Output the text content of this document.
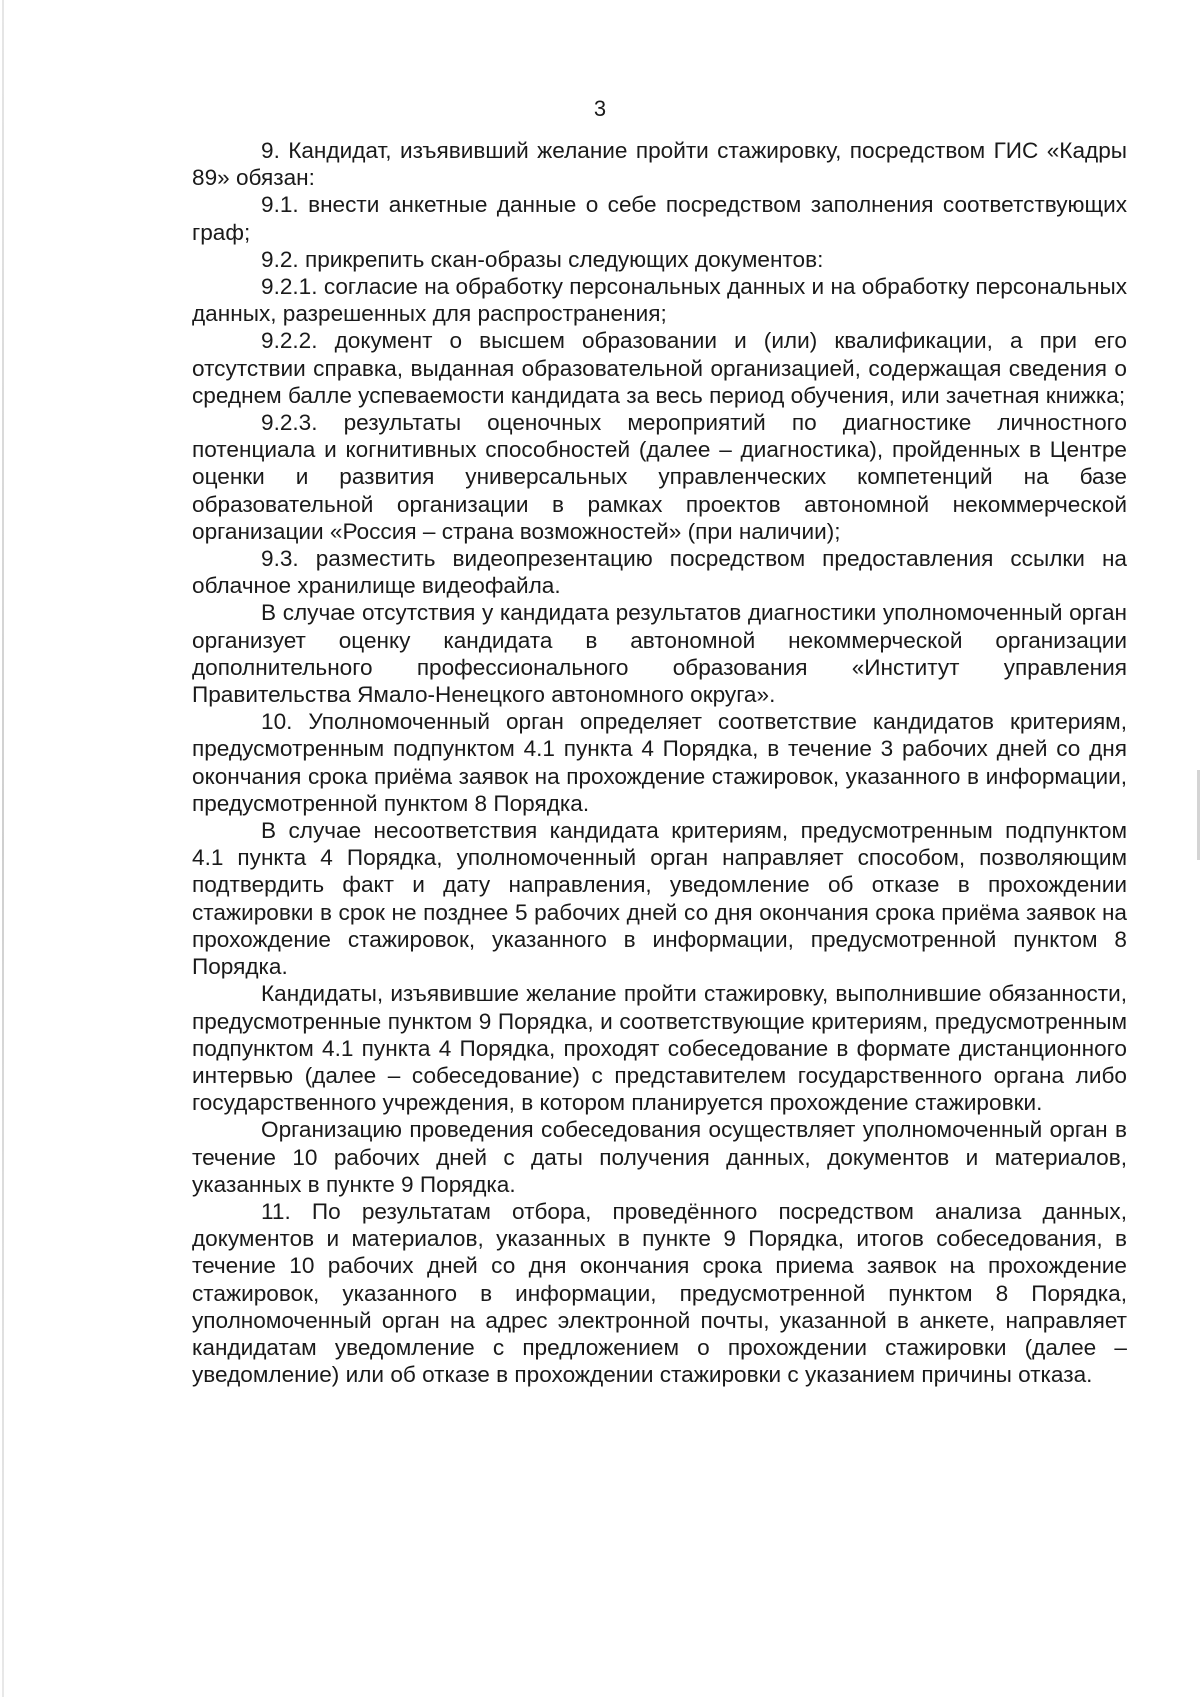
3

9. Кандидат, изъявивший желание пройти стажировку, посредством ГИС «Кадры 89» обязан:

9.1. внести анкетные данные о себе посредством заполнения соответствующих граф;

9.2. прикрепить скан-образы следующих документов:

9.2.1. согласие на обработку персональных данных и на обработку персональных данных, разрешенных для распространения;

9.2.2. документ о высшем образовании и (или) квалификации, а при его отсутствии справка, выданная образовательной организацией, содержащая сведения о среднем балле успеваемости кандидата за весь период обучения, или зачетная книжка;

9.2.3. результаты оценочных мероприятий по диагностике личностного потенциала и когнитивных способностей (далее – диагностика), пройденных в Центре оценки и развития универсальных управленческих компетенций на базе образовательной организации в рамках проектов автономной некоммерческой организации «Россия – страна возможностей» (при наличии);

9.3. разместить видеопрезентацию посредством предоставления ссылки на облачное хранилище видеофайла.

В случае отсутствия у кандидата результатов диагностики уполномоченный орган организует оценку кандидата в автономной некоммерческой организации дополнительного профессионального образования «Институт управления Правительства Ямало-Ненецкого автономного округа».

10. Уполномоченный орган определяет соответствие кандидатов критериям, предусмотренным подпунктом 4.1 пункта 4 Порядка, в течение 3 рабочих дней со дня окончания срока приёма заявок на прохождение стажировок, указанного в информации, предусмотренной пунктом 8 Порядка.

В случае несоответствия кандидата критериям, предусмотренным подпунктом 4.1 пункта 4 Порядка, уполномоченный орган направляет способом, позволяющим подтвердить факт и дату направления, уведомление об отказе в прохождении стажировки в срок не позднее 5 рабочих дней со дня окончания срока приёма заявок на прохождение стажировок, указанного в информации, предусмотренной пунктом 8 Порядка.

Кандидаты, изъявившие желание пройти стажировку, выполнившие обязанности, предусмотренные пунктом 9 Порядка, и соответствующие критериям, предусмотренным подпунктом 4.1 пункта 4 Порядка, проходят собеседование в формате дистанционного интервью (далее – собеседование) с представителем государственного органа либо государственного учреждения, в котором планируется прохождение стажировки.

Организацию проведения собеседования осуществляет уполномоченный орган в течение 10 рабочих дней с даты получения данных, документов и материалов, указанных в пункте 9 Порядка.

11. По результатам отбора, проведённого посредством анализа данных, документов и материалов, указанных в пункте 9 Порядка, итогов собеседования, в течение 10 рабочих дней со дня окончания срока приема заявок на прохождение стажировок, указанного в информации, предусмотренной пунктом 8 Порядка, уполномоченный орган на адрес электронной почты, указанной в анкете, направляет кандидатам уведомление с предложением о прохождении стажировки (далее – уведомление) или об отказе в прохождении стажировки с указанием причины отказа.
